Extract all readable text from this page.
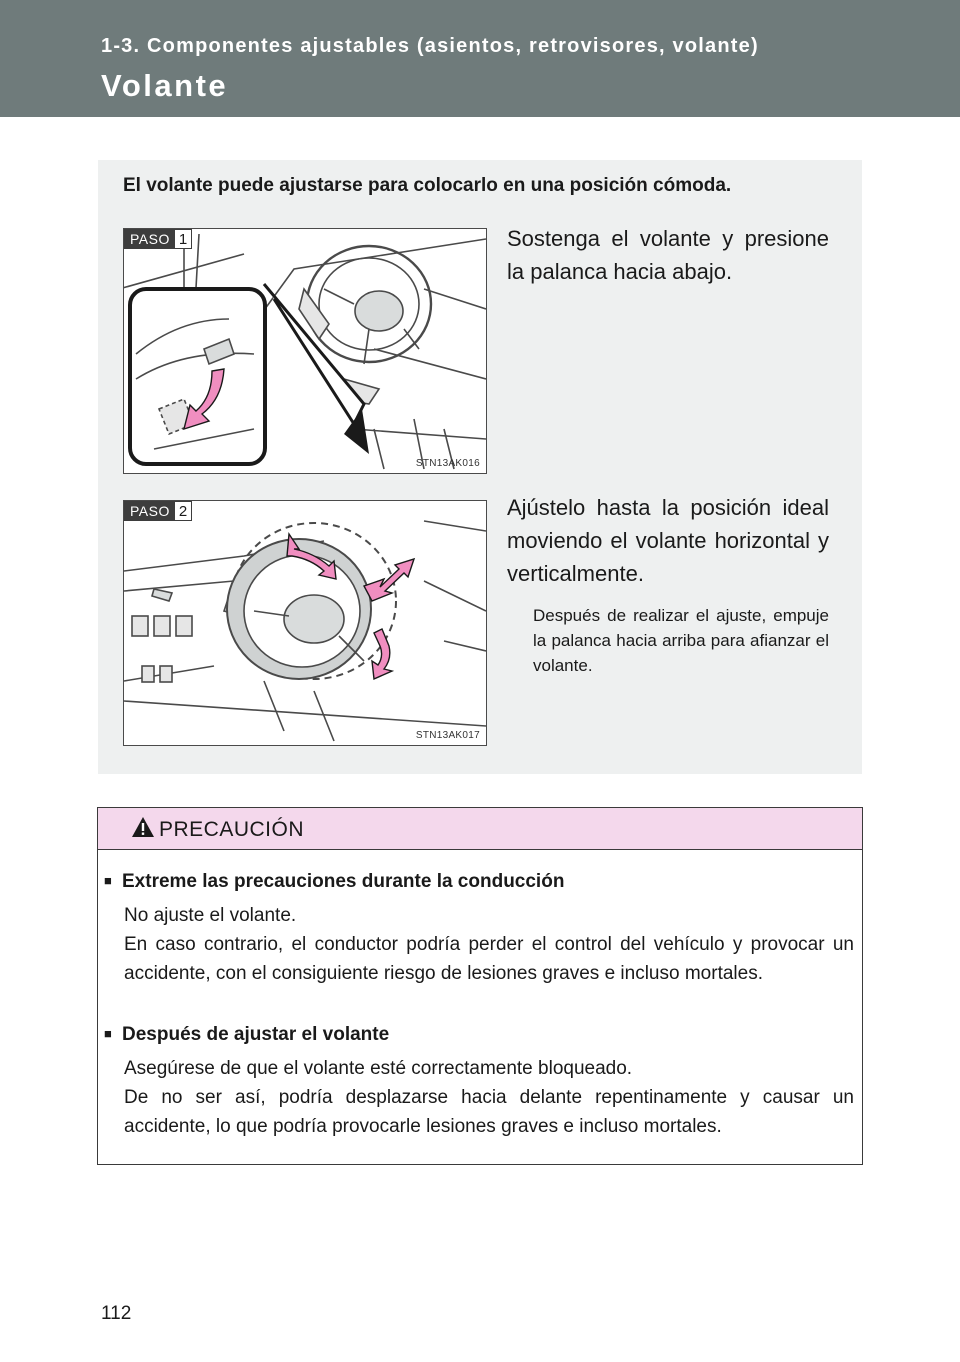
1-3. Componentes ajustables (asientos, retrovisores, volante)
Volante
El volante puede ajustarse para colocarlo en una posición cómoda.
PASO 1
STN13AK016
Sostenga el volante y presione la palanca hacia abajo.
PASO 2
STN13AK017
Ajústelo hasta la posición ideal moviendo el volante horizontal y verticalmente.
Después de realizar el ajuste, empuje la palanca hacia arriba para afianzar el volante.
PRECAUCIÓN
■ Extreme las precauciones durante la conducción
No ajuste el volante.
En caso contrario, el conductor podría perder el control del vehículo y provocar un accidente, con el consiguiente riesgo de lesiones graves e incluso mortales.
■ Después de ajustar el volante
Asegúrese de que el volante esté correctamente bloqueado.
De no ser así, podría desplazarse hacia delante repentinamente y causar un accidente, lo que podría provocarle lesiones graves e incluso mortales.
112
